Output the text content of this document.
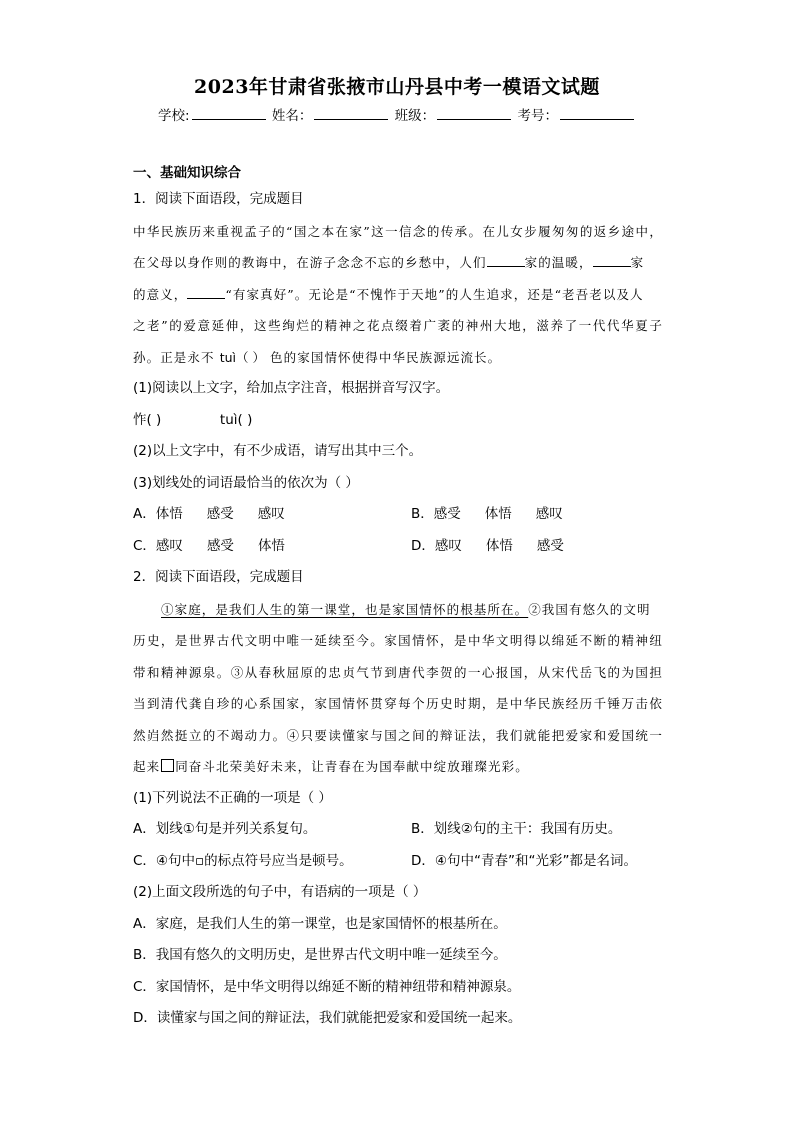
2023年甘肃省张掖市山丹县中考一模语文试题
学校:	姓名：	班级：	考号：
一、基础知识综合
1．阅读下面语段，完成题目
中华民族历来重视孟子的“国之本在家”这一信念的传承。在儿女步履匆匆的返乡途中，
在父母以身作则的教诲中，在游子念念不忘的乡愁中，人们	家的温暖，	家
的意义，	“有家真好”。无论是“不愧怍于天地”的人生追求，还是“老吾老以及人
之老”的爱意延伸，这些绚烂的精神之花点缀着广袤的神州大地，滋养了一代代华夏子
孙。正是永不 tuì（ ） 色的家国情怀使得中华民族源远流长。
(1)阅读以上文字，给加点字注音，根据拼音写汉字。
怍( )	tuì( )
(2)以上文字中，有不少成语，请写出其中三个。
(3)划线处的词语最恰当的依次为（ ）
A．体悟 感受 感叹	B．感受 体悟 感叹
C．感叹 感受 体悟	D．感叹 体悟 感受
2．阅读下面语段，完成题目
①家庭，是我们人生的第一课堂，也是家国情怀的根基所在。②我国有悠久的文明
历史，是世界古代文明中唯一延续至今。家国情怀，是中华文明得以绵延不断的精神纽
带和精神源泉。③从春秋屈原的忠贞气节到唐代李贺的一心报国，从宋代岳飞的为国担
当到清代龚自珍的心系国家，家国情怀贯穿每个历史时期，是中华民族经历千锤万击依
然岿然挺立的不竭动力。④只要读懂家与国之间的辩证法，我们就能把爱家和爱国统一
起来 同奋斗北荣美好未来，让青春在为国奉献中绽放璀璨光彩。
(1)下列说法不正确的一项是（ ）
A．划线①句是并列关系复句。	B．划线②句的主干：我国有历史。
C．④句中▫的标点符号应当是顿号。	D．④句中“青春”和“光彩”都是名词。
(2)上面文段所选的句子中，有语病的一项是（ ）
A．家庭，是我们人生的第一课堂，也是家国情怀的根基所在。
B．我国有悠久的文明历史，是世界古代文明中唯一延续至今。
C．家国情怀，是中华文明得以绵延不断的精神纽带和精神源泉。
D．读懂家与国之间的辩证法，我们就能把爱家和爱国统一起来。
